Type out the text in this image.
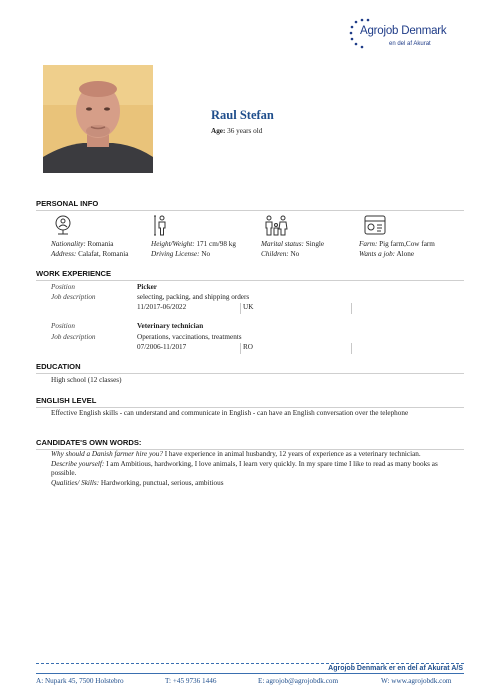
Agrojob Denmark
en del af Akurat
Raul Stefan
Age: 36 years old
PERSONAL INFO
Nationality: Romania
Address: Calafat, Romania
Height/Weight: 171 cm/98 kg
Driving License: No
Marital status: Single
Children: No
Farm: Pig farm,Cow farm
Wants a job: Alone
WORK EXPERIENCE
Position	Picker
Job description	selecting, packing, and shipping orders
11/2017-06/2022	UK
Position	Veterinary technician
Job description	Operations, vaccinations, treatments
07/2006-11/2017	RO
EDUCATION
High school (12 classes)
ENGLISH LEVEL
Effective English skills - can understand and communicate in English - can have an English conversation over the telephone
CANDIDATE'S OWN WORDS:
Why should a Danish farmer hire you? I have experience in animal husbandry, 12 years of experience as a veterinary technician.
Describe yourself: I am Ambitious, hardworking, I love animals, I learn very quickly. In my spare time I like to read as many books as possible.
Qualities/ Skills: Hardworking, punctual, serious, ambitious
Agrojob Denmark er en del af Akurat A/S
A: Nupark 45, 7500 Holstebro	T: +45 9736 1446	E: agrojob@agrojobdk.com	W: www.agrojobdk.com
